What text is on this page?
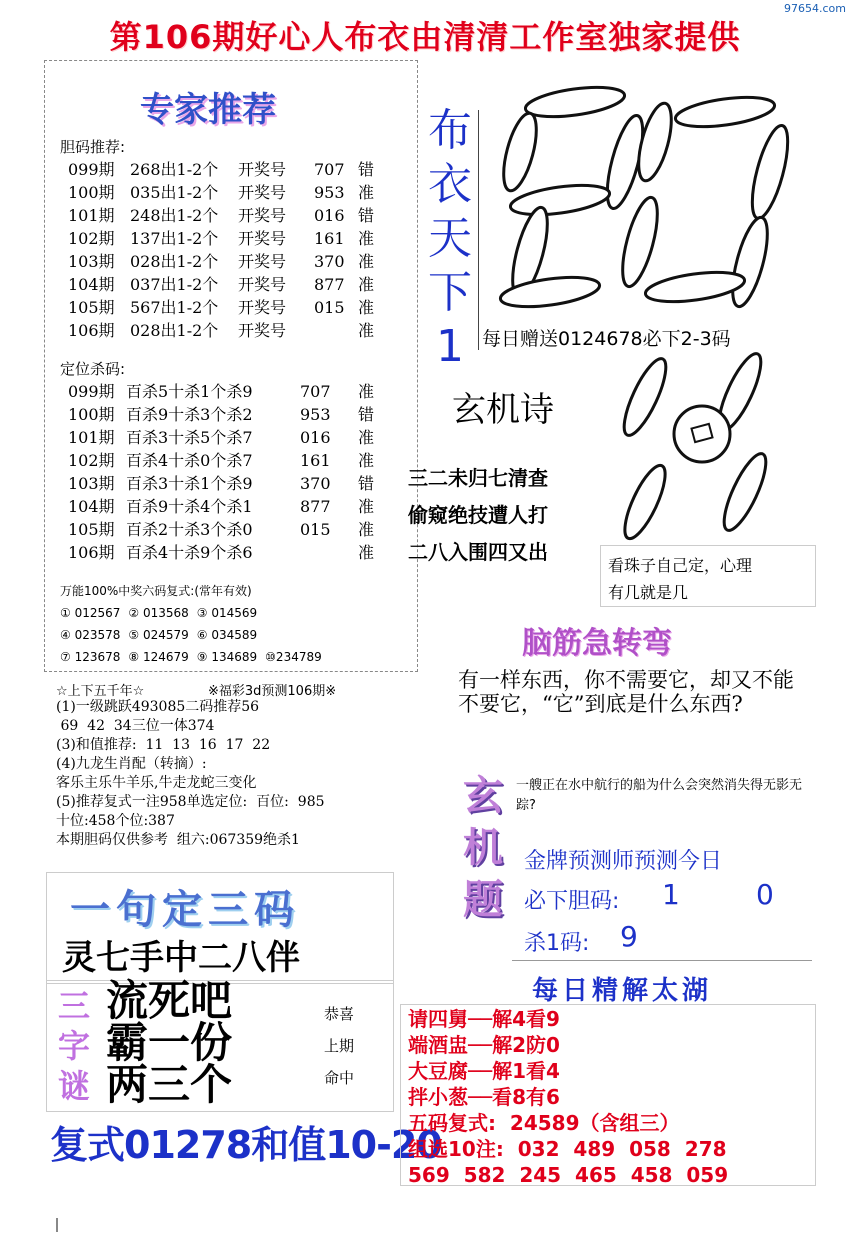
97654.com
第106期好心人布衣由清清工作室独家提供
专家推荐
胆码推荐:
099期 268出1-2个 开奖号 707 错
100期 035出1-2个 开奖号 953 准
101期 248出1-2个 开奖号 016 错
102期 137出1-2个 开奖号 161 准
103期 028出1-2个 开奖号 370 准
104期 037出1-2个 开奖号 877 准
105期 567出1-2个 开奖号 015 准
106期 028出1-2个 开奖号	准
定位杀码:
099期 百杀5十杀1个杀9	707 准
100期 百杀9十杀3个杀2	953 错
101期 百杀3十杀5个杀7	016 准
102期 百杀4十杀0个杀7	161 准
103期 百杀3十杀1个杀9	370 错
104期 百杀9十杀4个杀1	877 准
105期 百杀2十杀3个杀0	015 准
106期 百杀4十杀9个杀6	准
万能100%中奖六码复式:(常年有效)
① 012567 ② 013568 ③ 014569
④ 023578 ⑤ 024579 ⑥ 034589
⑦ 123678 ⑧ 124679 ⑨ 134689 ⑩234789
布
衣
天
下
1 每日赠送0124678必下2-3码
玄机诗
三二未归七清查
偷窥绝技遭人打
二八入围四又出
看珠子自己定，心理
有几就是几
脑筋急转弯
有一样东西，你不需要它，却又不能不要它，“它”到底是什么东西?
☆上下五千年☆	※福彩3d预测106期※
(1)一级跳跃493085二码推荐56
69  42  34三位一体374
(3)和值推荐:  11  13  16  17  22
(4)九龙生肖配（转摘）:
客乐主乐牛羊乐,牛走龙蛇三变化
(5)推荐复式一注958单选定位:  百位:  985
十位:458个位:387
本期胆码仅供参考  组六:067359绝杀1
玄
机
题
一艘正在水中航行的船为什么会突然消失得无影无踪?
金牌预测师预测今日
必下胆码: 1	0
杀1码: 9
一句定三码
灵七手中二八伴
三
字
谜
流死吧
霸一份
两三个
恭喜
上期
命中
复式01278和值10-20
每日精解太湖
请四舅──解4看9
端酒盅──解2防0
大豆腐──解1看4
拌小葱──看8有6
五码复式:  24589（含组三）
组选10注:  032  489  058  278
569  582  245  465  458  059
